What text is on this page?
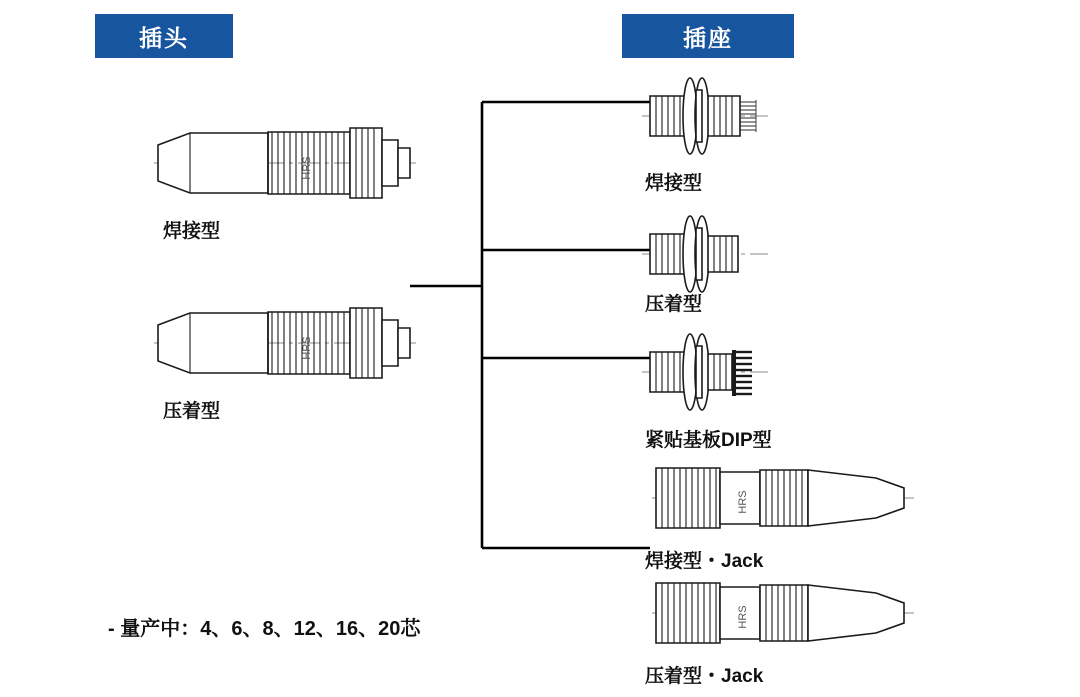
插头	插座
HRS
焊接型
HRS
压着型
焊接型
压着型
紧贴基板DIP型
HRS
焊接型・Jack
HRS
压着型・Jack
- 量产中：4、6、8、12、16、20芯
